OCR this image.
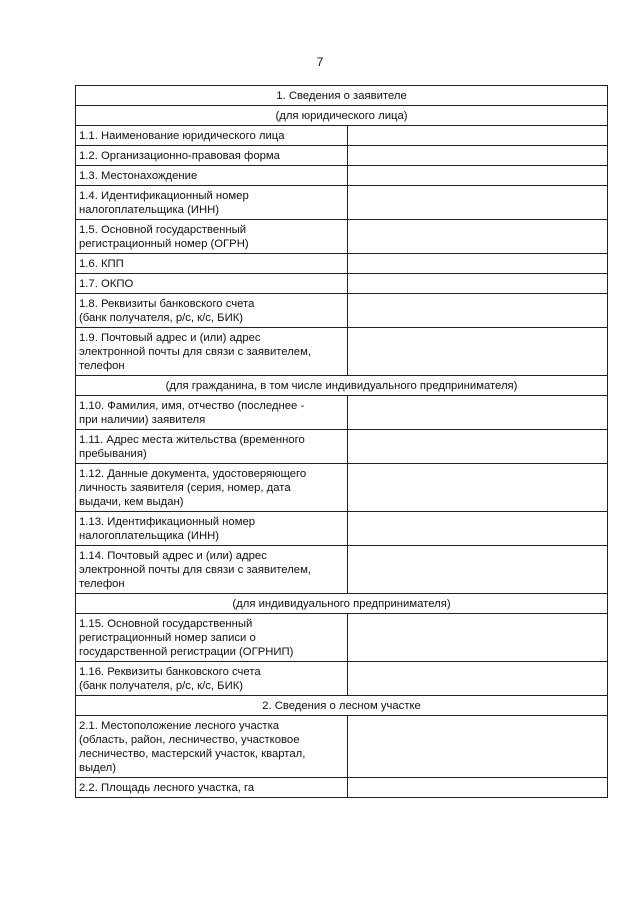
7
1. Сведения о заявителе	
(для юридического лица)	

1.1. Наименование юридического лица	

1.2. Организационно-правовая форма	

1.3. Местонахождение	

1.4. Идентификационный номер
налогоплательщика (ИНН)	

1.5. Основной государственный
регистрационный номер (ОГРН)	

1.6. КПП	

1.7. ОКПО	

1.8. Реквизиты банковского счета
(банк получателя, р/с, к/с, БИК)	

1.9. Почтовый адрес и (или) адрес
электронной почты для связи с заявителем,
телефон	

(для гражданина, в том числе индивидуального предпринимателя)	

1.10. Фамилия, имя, отчество (последнее -
при наличии) заявителя	

1.11. Адрес места жительства (временного
пребывания)	

1.12. Данные документа, удостоверяющего
личность заявителя (серия, номер, дата
выдачи, кем выдан)	

1.13. Идентификационный номер
налогоплательщика (ИНН)	

1.14. Почтовый адрес и (или) адрес
электронной почты для связи с заявителем,
телефон	

(для индивидуального предпринимателя)	

1.15. Основной государственный
регистрационный номер записи о
государственной регистрации (ОГРНИП)	

1.16. Реквизиты банковского счета
(банк получателя, р/с, к/с, БИК)	

2. Сведения о лесном участке	

2.1. Местоположение лесного участка
(область, район, лесничество, участковое
лесничество, мастерский участок, квартал,
выдел)	

2.2. Площадь лесного участка, га	
